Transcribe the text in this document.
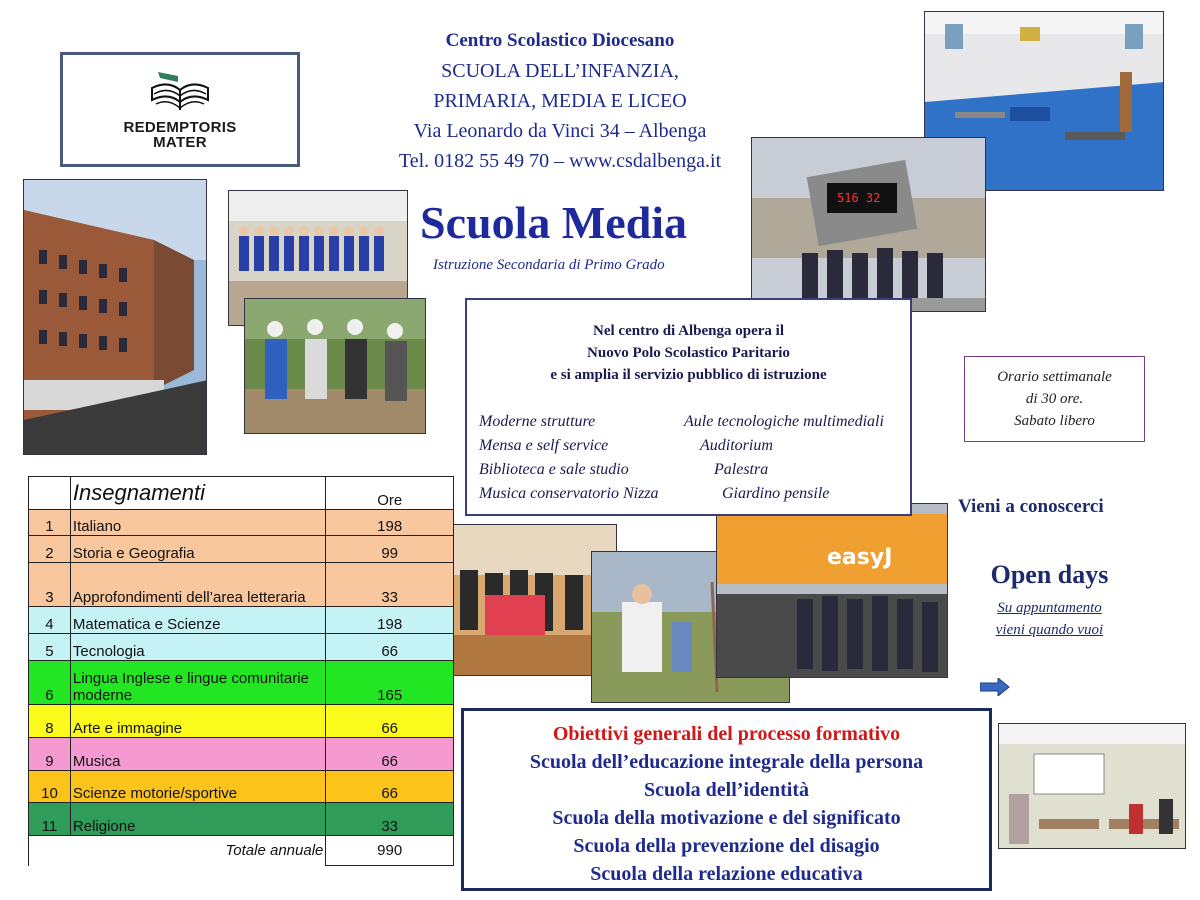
REDEMPTORIS
MATER
Centro Scolastico Diocesano
SCUOLA DELL’INFANZIA,
PRIMARIA, MEDIA E LICEO
Via Leonardo da Vinci 34 – Albenga
Tel. 0182 55 49 70 – www.csdalbenga.it
Scuola Media
Istruzione Secondaria di Primo Grado
516 32
easyJ
Nel centro di Albenga opera il
Nuovo Polo Scolastico Paritario
e si amplia il servizio pubblico di istruzione
Moderne strutture	Aule tecnologiche multimediali
Mensa e self service	Auditorium
Biblioteca e sale studio	Palestra
Musica conservatorio Nizza	Giardino pensile
Orario settimanale
di 30 ore.
Sabato libero
Vieni a conoscerci
Open days
Su appuntamento
vieni quando vuoi
	Insegnamenti	Ore
1	Italiano	198
2	Storia e Geografia	99
3	Approfondimenti dell’area letteraria	33
4	Matematica e Scienze	198
5	Tecnologia	66
6	Lingua Inglese e lingue comunitarie moderne	165
8	Arte e immagine	66
9	Musica	66
10	Scienze motorie/sportive	66
11	Religione	33
	Totale annuale	990
Obiettivi generali del processo formativo
Scuola dell’educazione integrale della persona
Scuola dell’identità
Scuola della motivazione e del significato
Scuola della prevenzione del disagio
Scuola della relazione educativa
